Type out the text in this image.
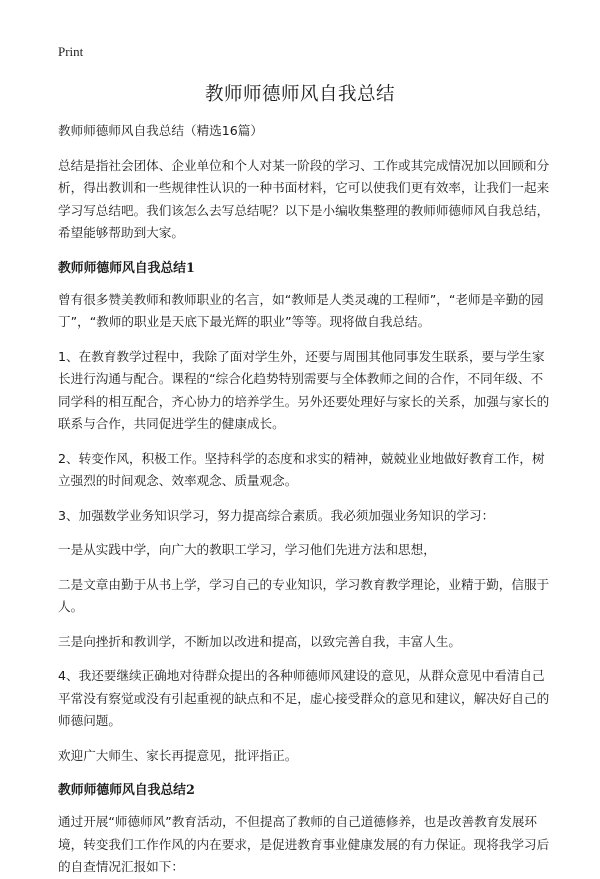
Print
教师师德师风自我总结

教师师德师风自我总结（精选16篇）

总结是指社会团体、企业单位和个人对某一阶段的学习、工作或其完成情况加以回顾和分析，得出教训和一些规律性认识的一种书面材料，它可以使我们更有效率，让我们一起来学习写总结吧。我们该怎么去写总结呢？以下是小编收集整理的教师师德师风自我总结，希望能够帮助到大家。

教师师德师风自我总结1

曾有很多赞美教师和教师职业的名言，如“教师是人类灵魂的工程师”，“老师是辛勤的园丁”，“教师的职业是天底下最光辉的职业”等等。现将做自我总结。

1、在教育教学过程中，我除了面对学生外，还要与周围其他同事发生联系，要与学生家长进行沟通与配合。课程的“综合化趋势特别需要与全体教师之间的合作，不同年级、不同学科的相互配合，齐心协力的培养学生。另外还要处理好与家长的关系，加强与家长的联系与合作，共同促进学生的健康成长。

2、转变作风，积极工作。坚持科学的态度和求实的精神，兢兢业业地做好教育工作，树立强烈的时间观念、效率观念、质量观念。

3、加强数学业务知识学习，努力提高综合素质。我必须加强业务知识的学习：

一是从实践中学，向广大的教职工学习，学习他们先进方法和思想，

二是文章由勤于从书上学，学习自己的专业知识，学习教育教学理论，业精于勤，信服于人。

三是向挫折和教训学，不断加以改进和提高，以致完善自我，丰富人生。

4、我还要继续正确地对待群众提出的各种师德师风建设的意见，从群众意见中看清自己平常没有察觉或没有引起重视的缺点和不足，虚心接受群众的意见和建议，解决好自己的师德问题。

欢迎广大师生、家长再提意见，批评指正。

教师师德师风自我总结2

通过开展“师德师风”教育活动，不但提高了教师的自己道德修养，也是改善教育发展环境，转变我们工作作风的内在要求，是促进教育事业健康发展的有力保证。现将我学习后的自查情况汇报如下：
